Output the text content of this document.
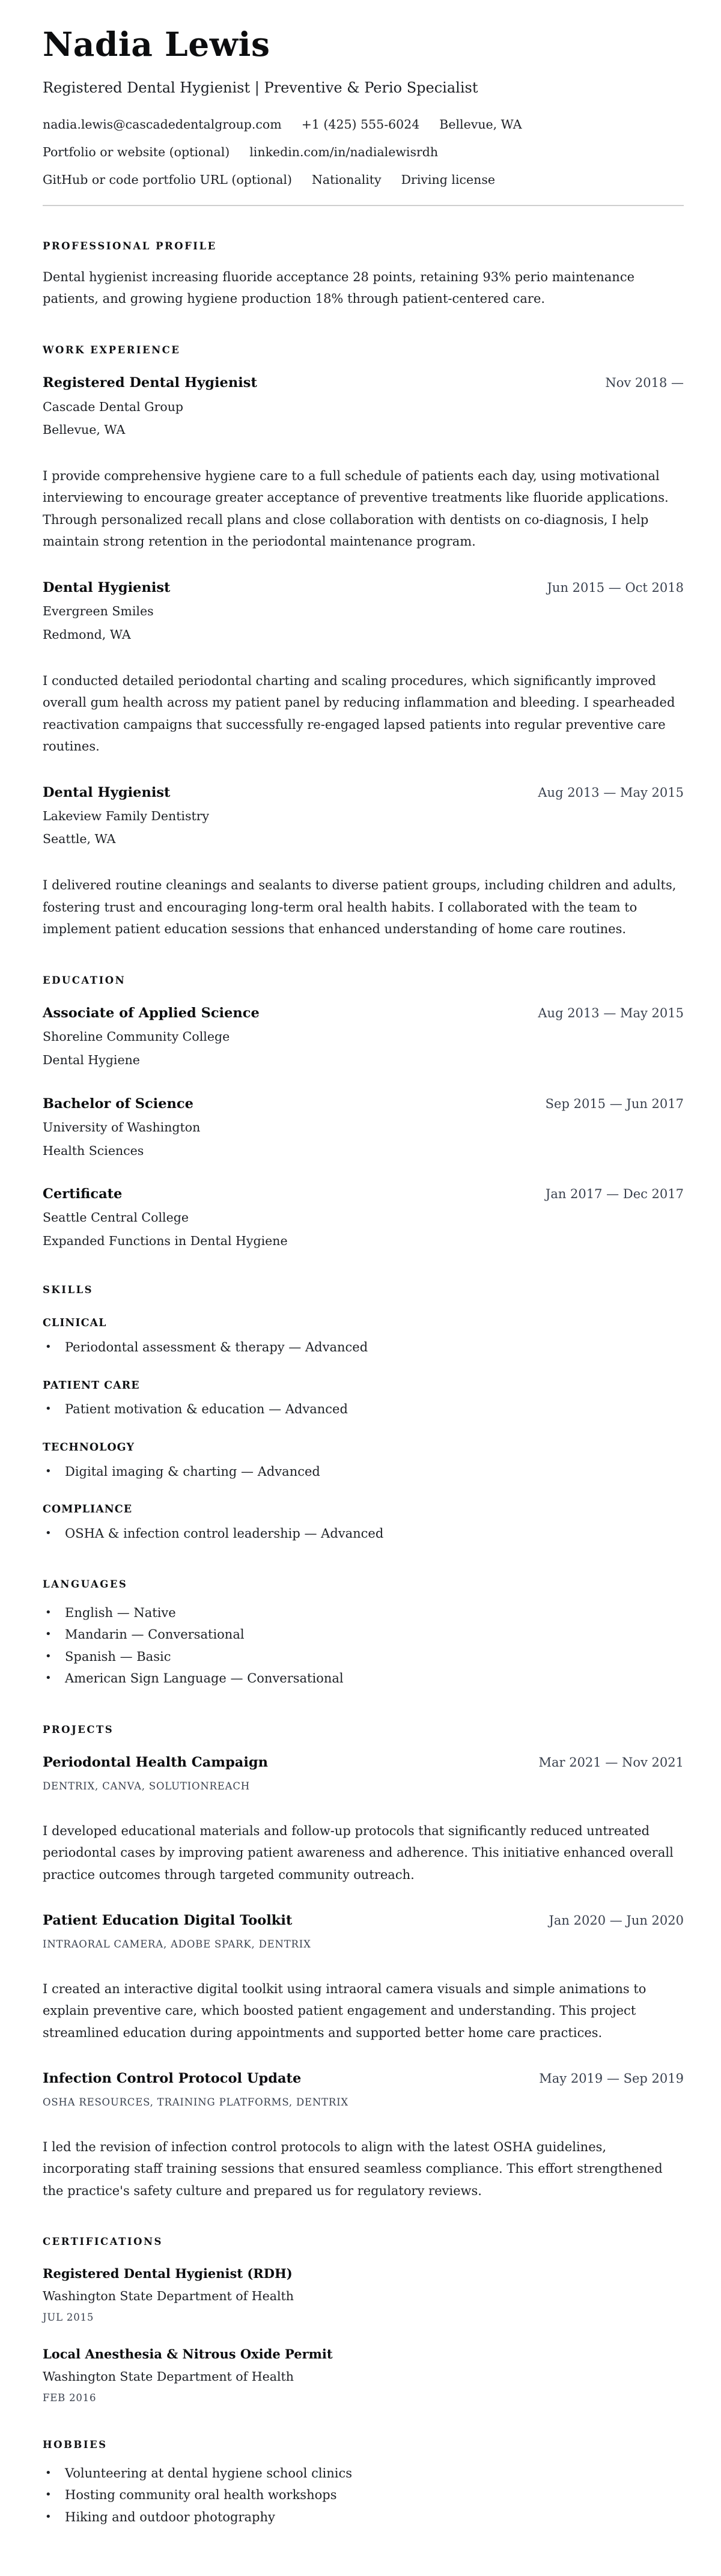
Nadia Lewis
Registered Dental Hygienist | Preventive & Perio Specialist
nadia.lewis@cascadedentalgroup.com +1 (425) 555-6024 Bellevue, WA
Portfolio or website (optional) linkedin.com/in/nadialewisrdh
GitHub or code portfolio URL (optional) Nationality Driving license
PROFESSIONAL PROFILE

Dental hygienist increasing fluoride acceptance 28 points, retaining 93% perio maintenance patients, and growing hygiene production 18% through patient-centered care.

WORK EXPERIENCE
Registered Dental Hygienist	Nov 2018 —
Cascade Dental Group
Bellevue, WA

I provide comprehensive hygiene care to a full schedule of patients each day, using motivational interviewing to encourage greater acceptance of preventive treatments like fluoride applications. Through personalized recall plans and close collaboration with dentists on co-diagnosis, I help maintain strong retention in the periodontal maintenance program.

Dental Hygienist	Jun 2015 — Oct 2018
Evergreen Smiles
Redmond, WA

I conducted detailed periodontal charting and scaling procedures, which significantly improved overall gum health across my patient panel by reducing inflammation and bleeding. I spearheaded reactivation campaigns that successfully re-engaged lapsed patients into regular preventive care routines.

Dental Hygienist	Aug 2013 — May 2015
Lakeview Family Dentistry
Seattle, WA

I delivered routine cleanings and sealants to diverse patient groups, including children and adults, fostering trust and encouraging long-term oral health habits. I collaborated with the team to implement patient education sessions that enhanced understanding of home care routines.

EDUCATION
Associate of Applied Science	Aug 2013 — May 2015
Shoreline Community College
Dental Hygiene
Bachelor of Science	Sep 2015 — Jun 2017
University of Washington
Health Sciences
Certificate	Jan 2017 — Dec 2017
Seattle Central College
Expanded Functions in Dental Hygiene
SKILLS
CLINICAL
• Periodontal assessment & therapy — Advanced
PATIENT CARE
• Patient motivation & education — Advanced
TECHNOLOGY
• Digital imaging & charting — Advanced
COMPLIANCE
• OSHA & infection control leadership — Advanced
LANGUAGES
• English — Native
• Mandarin — Conversational
• Spanish — Basic
• American Sign Language — Conversational
PROJECTS
Periodontal Health Campaign	Mar 2021 — Nov 2021
DENTRIX, CANVA, SOLUTIONREACH

I developed educational materials and follow-up protocols that significantly reduced untreated periodontal cases by improving patient awareness and adherence. This initiative enhanced overall practice outcomes through targeted community outreach.

Patient Education Digital Toolkit	Jan 2020 — Jun 2020
INTRAORAL CAMERA, ADOBE SPARK, DENTRIX

I created an interactive digital toolkit using intraoral camera visuals and simple animations to explain preventive care, which boosted patient engagement and understanding. This project streamlined education during appointments and supported better home care practices.

Infection Control Protocol Update	May 2019 — Sep 2019
OSHA RESOURCES, TRAINING PLATFORMS, DENTRIX

I led the revision of infection control protocols to align with the latest OSHA guidelines, incorporating staff training sessions that ensured seamless compliance. This effort strengthened the practice's safety culture and prepared us for regulatory reviews.

CERTIFICATIONS
Registered Dental Hygienist (RDH)
Washington State Department of Health
JUL 2015
Local Anesthesia & Nitrous Oxide Permit
Washington State Department of Health
FEB 2016
HOBBIES
• Volunteering at dental hygiene school clinics
• Hosting community oral health workshops
• Hiking and outdoor photography
